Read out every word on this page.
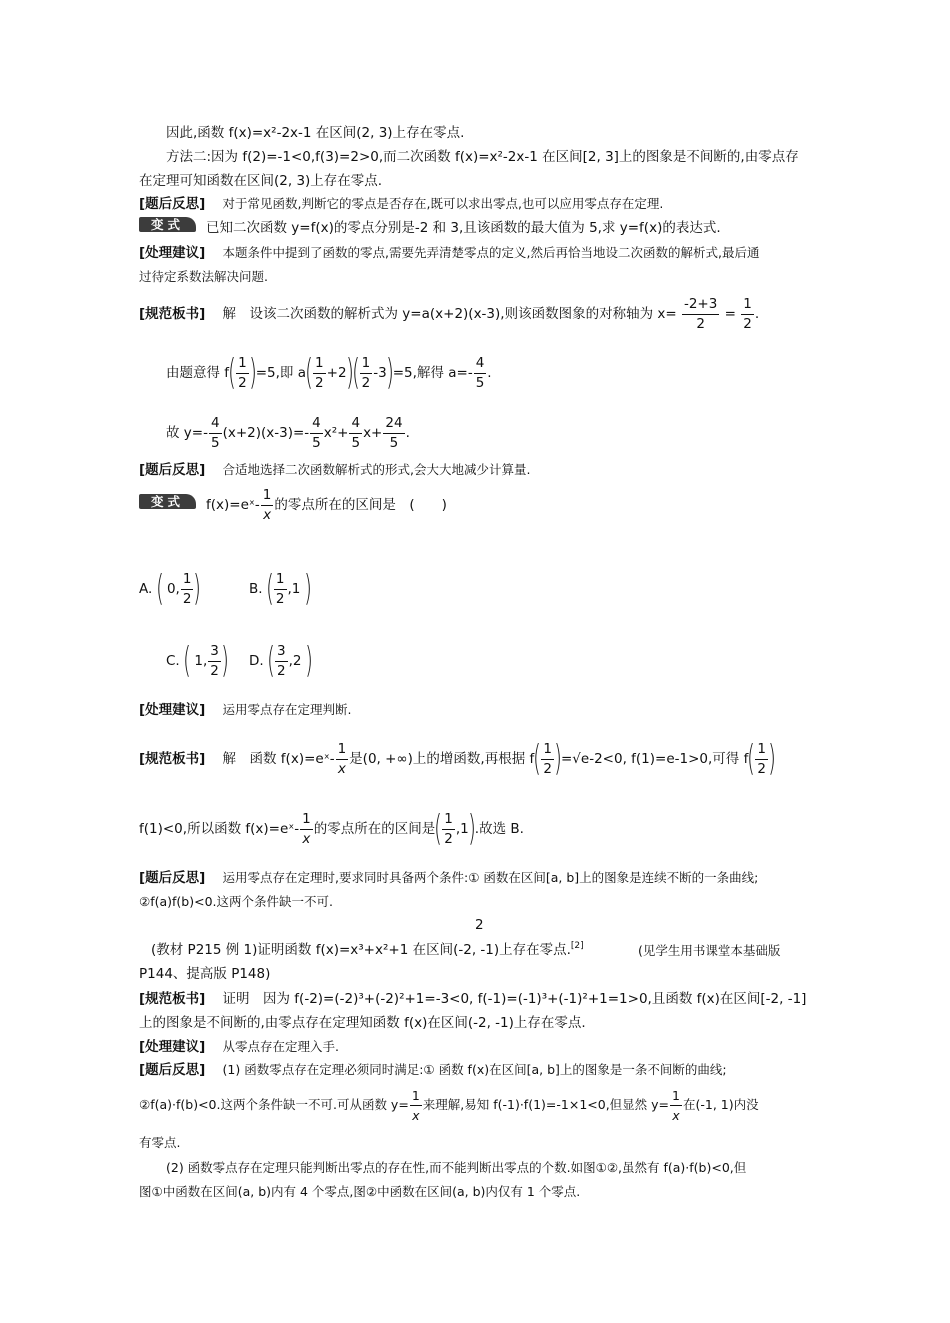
因此,函数 f(x)=x²-2x-1 在区间(2, 3)上存在零点.
方法二:因为 f(2)=-1<0,f(3)=2>0,而二次函数 f(x)=x²-2x-1 在区间[2, 3]上的图象是不间断的,由零点存
在定理可知函数在区间(2, 3)上存在零点.
[题后反思] 对于常见函数,判断它的零点是否存在,既可以求出零点,也可以应用零点存在定理.
变式	已知二次函数 y=f(x)的零点分别是-2 和 3,且该函数的最大值为 5,求 y=f(x)的表达式.
[处理建议] 本题条件中提到了函数的零点,需要先弄清楚零点的定义,然后再恰当地设二次函数的解析式,最后通
过待定系数法解决问题.
[规范板书] 解　设该二次函数的解析式为 y=a(x+2)(x-3),则该函数图象的对称轴为 $x= \frac{-2+3}{2} = \frac{1}{2}$ .
由题意得 $f( \frac{1}{2} )=5$,即 $a( \frac{1}{2} +2)( \frac{1}{2} -3)=5$,解得 $a=- \frac{4}{5}$ .
故 $y=- \frac{4}{5} (x+2)(x-3)=- \frac{4}{5} x^2+ \frac{4}{5} x+ \frac{24}{5}$ .
[题后反思] 合适地选择二次函数解析式的形式,会大大地减少计算量.
变式	f(x)=eˣ- $\frac{1}{x}$ 的零点所在的区间是　(　　)
A. ( 0, $\frac{1}{2}$ )	B. ( $\frac{1}{2} ,1$ )
C. ( 1, $\frac{3}{2}$ ) D. ( $\frac{3}{2} ,2$ )
[处理建议] 运用零点存在定理判断.
[规范板书] 解　函数 f(x)=eˣ- $\frac{1}{x}$ 是(0, +∞)上的增函数,再根据 $f( \frac{1}{2} )=√e-2<0$, f(1)=e-1>0,可得 $f( \frac{1}{2}$ )
f(1)<0,所以函数 f(x)=eˣ- $\frac{1}{x}$ 的零点所在的区间是( $\frac{1}{2} ,1$).故选 B.
[题后反思] 运用零点存在定理时,要求同时具备两个条件:① 函数在区间[a, b]上的图象是连续不断的一条曲线;
②f(a)f(b)<0.这两个条件缺一不可.
2
(教材 P215 例 1)证明函数 f(x)=x³+x²+1 在区间(-2, -1)上存在零点.[2]	(见学生用书课堂本基础版
P144、提高版 P148)
[规范板书] 证明　因为 f(-2)=(-2)³+(-2)²+1=-3<0, f(-1)=(-1)³+(-1)²+1=1>0,且函数 f(x)在区间[-2, -1]
上的图象是不间断的,由零点存在定理知函数 f(x)在区间(-2, -1)上存在零点.
[处理建议] 从零点存在定理入手.
[题后反思] (1) 函数零点存在定理必须同时满足:① 函数 f(x)在区间[a, b]上的图象是一条不间断的曲线;
②f(a)·f(b)<0.这两个条件缺一不可.可从函数 $y= \frac{1}{x}$ 来理解,易知 f(-1)·f(1)=-1×1<0,但显然 $y= \frac{1}{x}$ 在(-1, 1)内没
有零点.
(2) 函数零点存在定理只能判断出零点的存在性,而不能判断出零点的个数.如图①②,虽然有 f(a)·f(b)<0,但
图①中函数在区间(a, b)内有 4 个零点,图②中函数在区间(a, b)内仅有 1 个零点.
